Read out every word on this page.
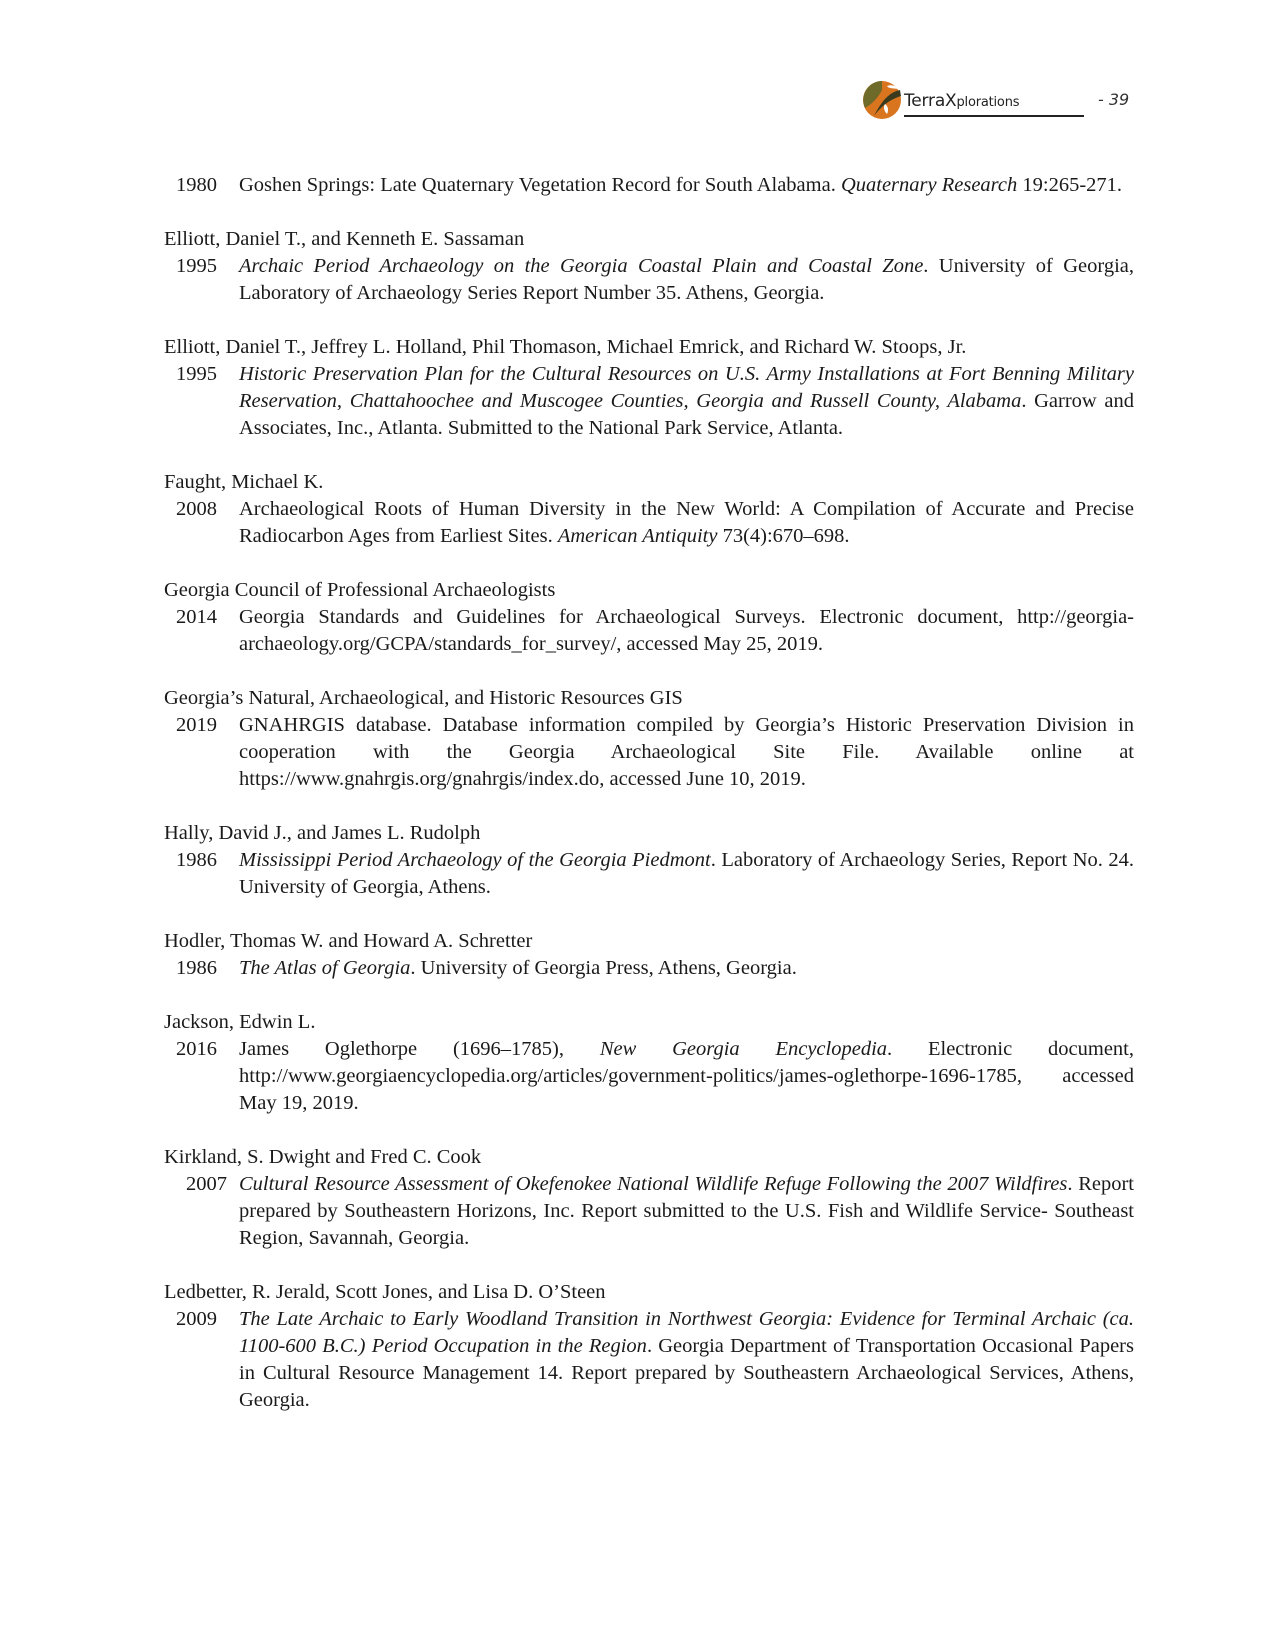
TerraXplorations	- 39
1980 Goshen Springs: Late Quaternary Vegetation Record for South Alabama. Quaternary Research 19:265-271.
Elliott, Daniel T., and Kenneth E. Sassaman
1995 Archaic Period Archaeology on the Georgia Coastal Plain and Coastal Zone. University of Georgia, Laboratory of Archaeology Series Report Number 35. Athens, Georgia.
Elliott, Daniel T., Jeffrey L. Holland, Phil Thomason, Michael Emrick, and Richard W. Stoops, Jr.
1995 Historic Preservation Plan for the Cultural Resources on U.S. Army Installations at Fort Benning Military Reservation, Chattahoochee and Muscogee Counties, Georgia and Russell County, Alabama. Garrow and Associates, Inc., Atlanta. Submitted to the National Park Service, Atlanta.
Faught, Michael K.
2008 Archaeological Roots of Human Diversity in the New World: A Compilation of Accurate and Precise Radiocarbon Ages from Earliest Sites. American Antiquity 73(4):670–698.
Georgia Council of Professional Archaeologists
2014 Georgia Standards and Guidelines for Archaeological Surveys. Electronic document, http://georgia-archaeology.org/GCPA/standards_for_survey/, accessed May 25, 2019.
Georgia’s Natural, Archaeological, and Historic Resources GIS
2019 GNAHRGIS database. Database information compiled by Georgia’s Historic Preservation Division in cooperation with the Georgia Archaeological Site File. Available online at https://www.gnahrgis.org/gnahrgis/index.do, accessed June 10, 2019.
Hally, David J., and James L. Rudolph
1986 Mississippi Period Archaeology of the Georgia Piedmont. Laboratory of Archaeology Series, Report No. 24. University of Georgia, Athens.
Hodler, Thomas W. and Howard A. Schretter
1986 The Atlas of Georgia. University of Georgia Press, Athens, Georgia.
Jackson, Edwin L.
2016 James Oglethorpe (1696–1785), New Georgia Encyclopedia. Electronic document, http://www.georgiaencyclopedia.org/articles/government-politics/james-oglethorpe-1696-1785, accessed May 19, 2019.
Kirkland, S. Dwight and Fred C. Cook
2007 Cultural Resource Assessment of Okefenokee National Wildlife Refuge Following the 2007 Wildfires. Report prepared by Southeastern Horizons, Inc. Report submitted to the U.S. Fish and Wildlife Service- Southeast Region, Savannah, Georgia.
Ledbetter, R. Jerald, Scott Jones, and Lisa D. O’Steen
2009 The Late Archaic to Early Woodland Transition in Northwest Georgia: Evidence for Terminal Archaic (ca. 1100-600 B.C.) Period Occupation in the Region. Georgia Department of Transportation Occasional Papers in Cultural Resource Management 14. Report prepared by Southeastern Archaeological Services, Athens, Georgia.
